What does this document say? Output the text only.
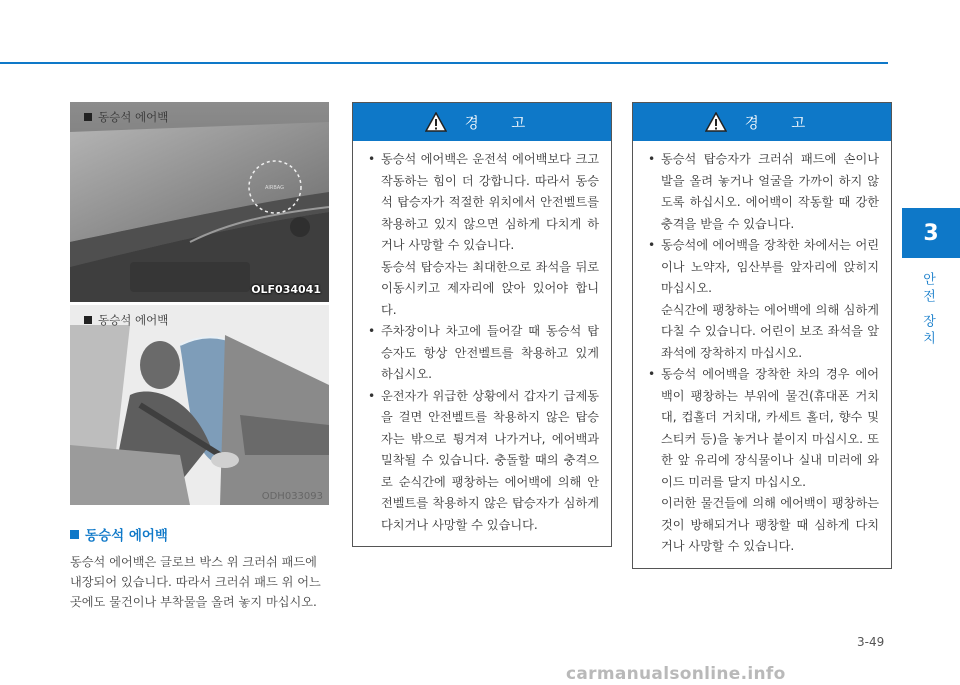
3
안전 장치
AIRBAG
동승석 에어백
OLF034041
동승석 에어백
ODH033093
동승석 에어백
동승석 에어백은 글로브 박스 위 크러쉬 패드에 내장되어 있습니다. 따라서 크러쉬 패드 위 어느 곳에도 물건이나 부착물을 올려 놓지 마십시오.
경 고
• 동승석 에어백은 운전석 에어백보다 크고 작동하는 힘이 더 강합니다. 따라서 동승석 탑승자가 적절한 위치에서 안전벨트를 착용하고 있지 않으면 심하게 다치게 하거나 사망할 수 있습니다.
동승석 탑승자는 최대한으로 좌석을 뒤로 이동시키고 제자리에 앉아 있어야 합니다.
• 주차장이나 차고에 들어갈 때 동승석 탑승자도 항상 안전벨트를 착용하고 있게 하십시오.
• 운전자가 위급한 상황에서 갑자기 급제동을 걸면 안전벨트를 착용하지 않은 탑승자는 밖으로 튕겨져 나가거나, 에어백과 밀착될 수 있습니다. 충돌할 때의 충격으로 순식간에 팽창하는 에어백에 의해 안전벨트를 착용하지 않은 탑승자가 심하게 다치거나 사망할 수 있습니다.
경 고
• 동승석 탑승자가 크러쉬 패드에 손이나 발을 올려 놓거나 얼굴을 가까이 하지 않도록 하십시오. 에어백이 작동할 때 강한 충격을 받을 수 있습니다.
• 동승석에 에어백을 장착한 차에서는 어린이나 노약자, 임산부를 앞자리에 앉히지 마십시오.
순식간에 팽창하는 에어백에 의해 심하게 다칠 수 있습니다. 어린이 보조 좌석을 앞좌석에 장착하지 마십시오.
• 동승석 에어백을 장착한 차의 경우 에어백이 팽창하는 부위에 물건(휴대폰 거치대, 컵홀더 거치대, 카세트 홀더, 향수 및 스티커 등)을 놓거나 붙이지 마십시오. 또한 앞 유리에 장식물이나 실내 미러에 와이드 미러를 달지 마십시오.
이러한 물건들에 의해 에어백이 팽창하는 것이 방해되거나 팽창할 때 심하게 다치거나 사망할 수 있습니다.
3-49
carmanualsonline.info
